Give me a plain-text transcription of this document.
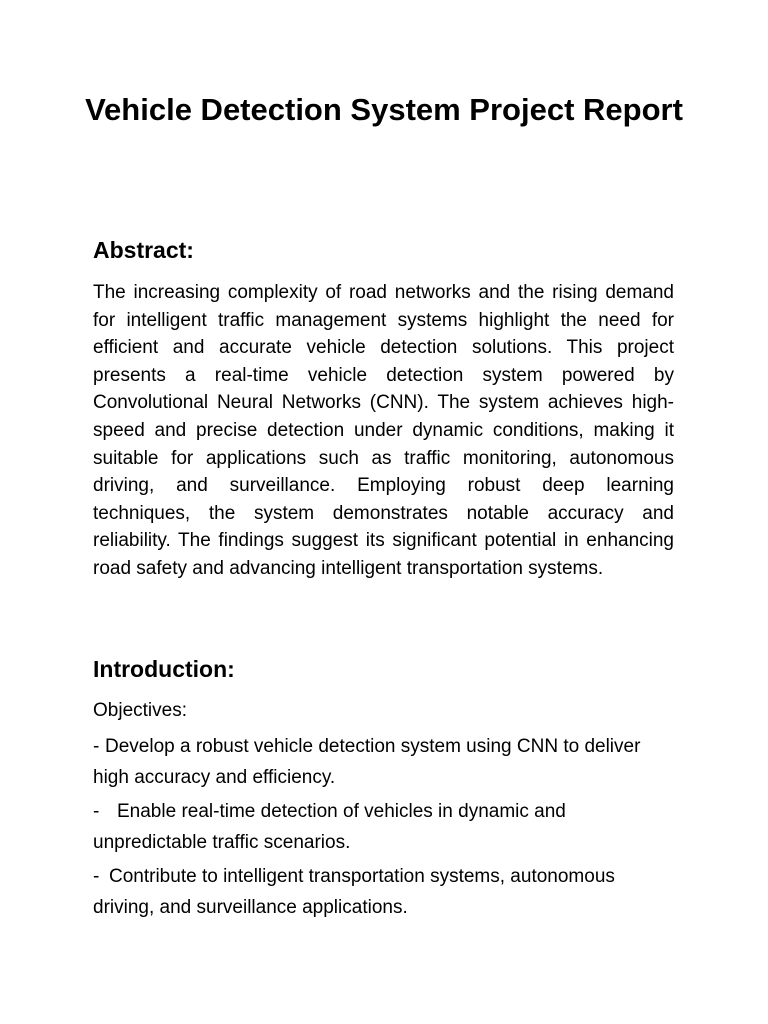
Vehicle Detection System Project Report
Abstract:

The increasing complexity of road networks and the rising demand for intelligent traffic management systems highlight the need for efficient and accurate vehicle detection solutions. This project presents a real-time vehicle detection system powered by Convolutional Neural Networks (CNN). The system achieves high-speed and precise detection under dynamic conditions, making it suitable for applications such as traffic monitoring, autonomous driving, and surveillance. Employing robust deep learning techniques, the system demonstrates notable accuracy and reliability. The findings suggest its significant potential in enhancing road safety and advancing intelligent transportation systems.

Introduction:

Objectives:

- Develop a robust vehicle detection system using CNN to deliver high accuracy and efficiency.
- Enable real-time detection of vehicles in dynamic and unpredictable traffic scenarios.
- Contribute to intelligent transportation systems, autonomous driving, and surveillance applications.
